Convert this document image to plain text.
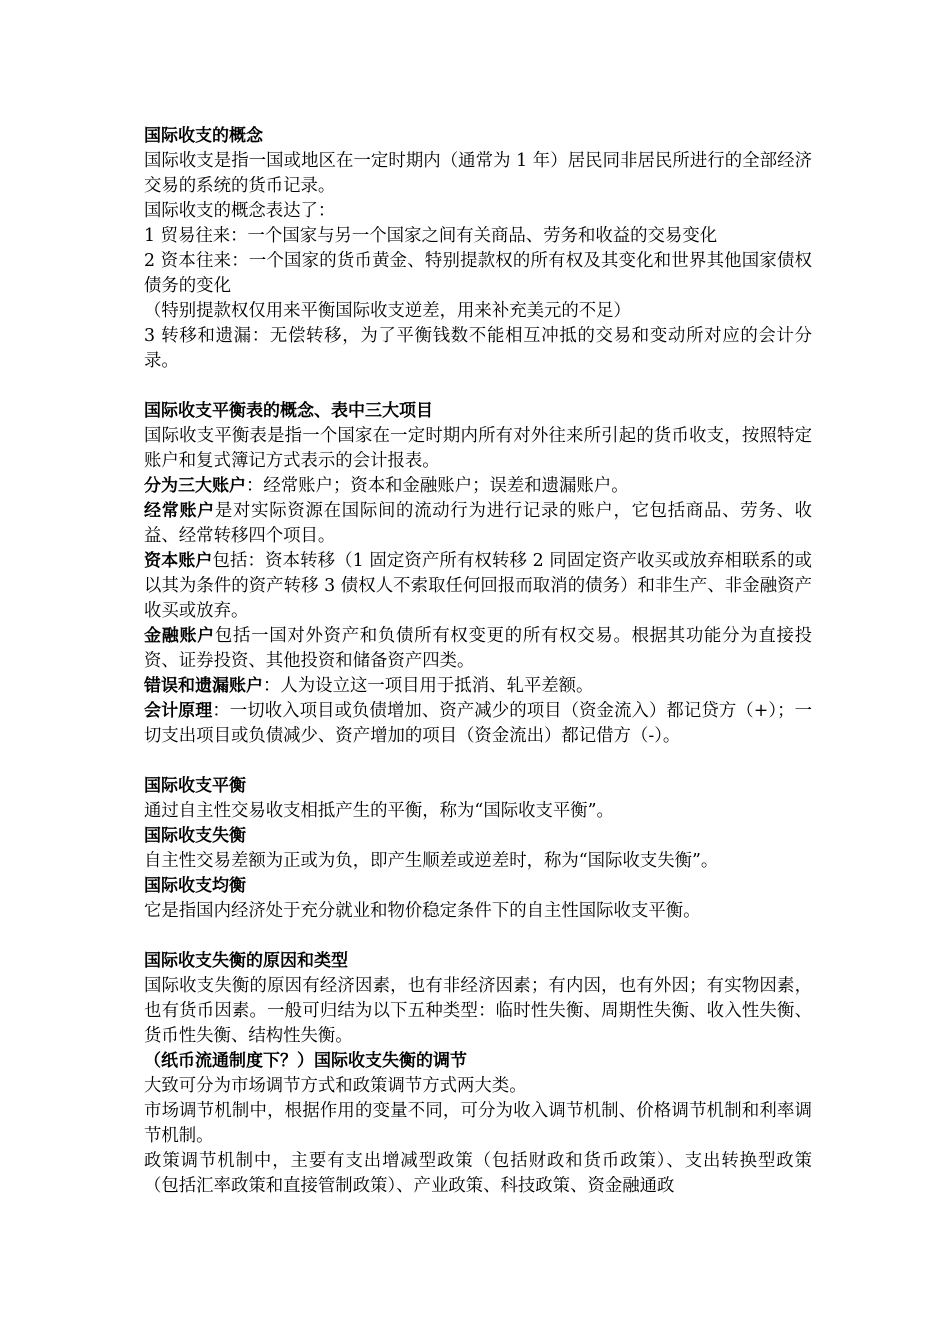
国际收支的概念

国际收支是指一国或地区在一定时期内（通常为 1 年）居民同非居民所进行的全部经济交易的系统的货币记录。

国际收支的概念表达了：

1 贸易往来：一个国家与另一个国家之间有关商品、劳务和收益的交易变化

2 资本往来：一个国家的货币黄金、特别提款权的所有权及其变化和世界其他国家债权债务的变化

（特别提款权仅用来平衡国际收支逆差，用来补充美元的不足）

3 转移和遗漏：无偿转移，为了平衡钱数不能相互冲抵的交易和变动所对应的会计分录。

国际收支平衡表的概念、表中三大项目

国际收支平衡表是指一个国家在一定时期内所有对外往来所引起的货币收支，按照特定账户和复式簿记方式表示的会计报表。

分为三大账户：经常账户；资本和金融账户；误差和遗漏账户。

经常账户是对实际资源在国际间的流动行为进行记录的账户，它包括商品、劳务、收益、经常转移四个项目。

资本账户包括：资本转移（1 固定资产所有权转移 2 同固定资产收买或放弃相联系的或以其为条件的资产转移 3 债权人不索取任何回报而取消的债务）和非生产、非金融资产收买或放弃。

金融账户包括一国对外资产和负债所有权变更的所有权交易。根据其功能分为直接投资、证券投资、其他投资和储备资产四类。

错误和遗漏账户：人为设立这一项目用于抵消、轧平差额。

会计原理：一切收入项目或负债增加、资产减少的项目（资金流入）都记贷方（+）；一切支出项目或负债减少、资产增加的项目（资金流出）都记借方（-）。

国际收支平衡

通过自主性交易收支相抵产生的平衡，称为“国际收支平衡”。

国际收支失衡

自主性交易差额为正或为负，即产生顺差或逆差时，称为“国际收支失衡”。

国际收支均衡

它是指国内经济处于充分就业和物价稳定条件下的自主性国际收支平衡。

国际收支失衡的原因和类型

国际收支失衡的原因有经济因素，也有非经济因素；有内因，也有外因；有实物因素，也有货币因素。一般可归结为以下五种类型：临时性失衡、周期性失衡、收入性失衡、货币性失衡、结构性失衡。

（纸币流通制度下？）国际收支失衡的调节

大致可分为市场调节方式和政策调节方式两大类。

市场调节机制中，根据作用的变量不同，可分为收入调节机制、价格调节机制和利率调节机制。

政策调节机制中，主要有支出增减型政策（包括财政和货币政策）、支出转换型政策（包括汇率政策和直接管制政策）、产业政策、科技政策、资金融通政
